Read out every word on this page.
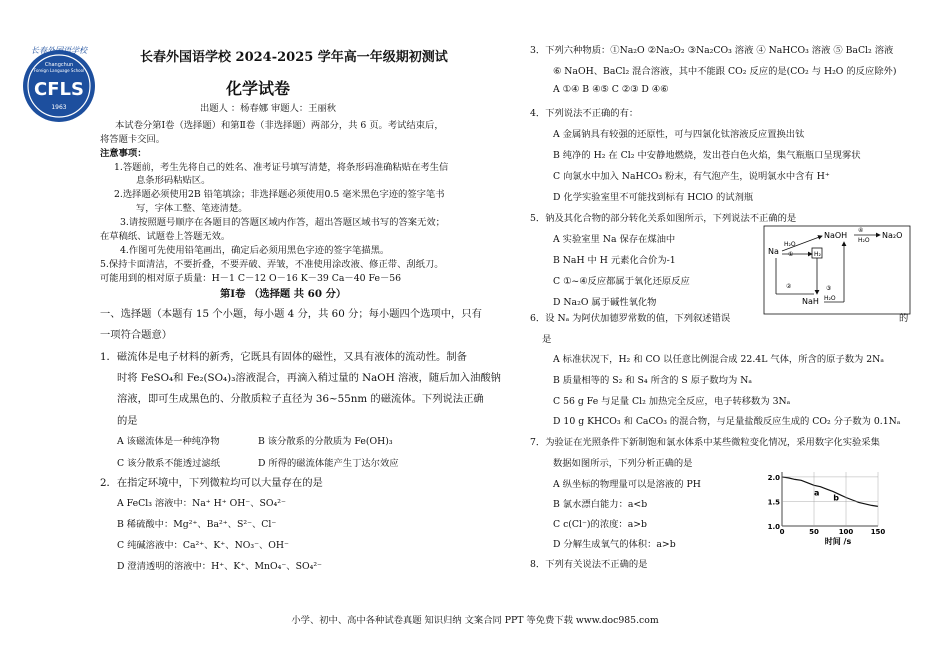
长春外国语学校
Changchun
Foreign Language School
CFLS
1963
长春外国语学校 2024-2025 学年高一年级期初测试
化学试卷
出题人 ：杨春娜 审题人：王丽秋
本试卷分第Ⅰ卷（选择题）和第Ⅱ卷（非选择题）两部分，共 6 页。考试结束后，
将答题卡交回。
注意事项：
1.答题前，考生先将自己的姓名、准考证号填写清楚，将条形码准确粘贴在考生信
息条形码粘贴区。
2.选择题必须使用2B 铅笔填涂；非选择题必须使用0.5 毫米黑色字迹的签字笔书
写，字体工整、笔迹清楚。
3.请按照题号顺序在各题目的答题区域内作答，超出答题区域书写的答案无效；
在草稿纸、试题卷上答题无效。
4.作图可先使用铅笔画出，确定后必须用黑色字迹的签字笔描黑。
5.保持卡面清洁，不要折叠，不要弄破、弄皱，不准使用涂改液、修正带、刮纸刀。
可能用到的相对原子质量：H－1 C－12 O－16 K－39 Ca－40 Fe－56
第Ⅰ卷 （选择题 共 60 分）
一、选择题（本题有 15 个小题，每小题 4 分，共 60 分；每小题四个选项中，只有
一项符合题意）
1．磁流体是电子材料的新秀，它既具有固体的磁性，又具有液体的流动性。制备
时将 FeSO₄和 Fe₂(SO₄)₃溶液混合，再滴入稍过量的 NaOH 溶液，随后加入油酸钠
溶液，即可生成黑色的、分散质粒子直径为 36~55nm 的磁流体。下列说法正确
的是
A 该磁流体是一种纯净物	B 该分散系的分散质为 Fe(OH)₃
C 该分散系不能透过滤纸	D 所得的磁流体能产生丁达尔效应
2．在指定环境中，下列微粒均可以大量存在的是
A FeCl₃ 溶液中：Na⁺ H⁺ OH⁻、SO₄²⁻
B 稀硫酸中：Mg²⁺、Ba²⁺、S²⁻、Cl⁻
C 纯碱溶液中：Ca²⁺、K⁺、NO₃⁻、OH⁻
D 澄清透明的溶液中：H⁺、K⁺、MnO₄⁻、SO₄²⁻
3．下列六种物质：①Na₂O ②Na₂O₂ ③Na₂CO₃ 溶液 ④ NaHCO₃ 溶液 ⑤ BaCl₂ 溶液
⑥ NaOH、BaCl₂ 混合溶液，其中不能跟 CO₂ 反应的是(CO₂ 与 H₂O 的反应除外)
A ①④ B ④⑤ C ②③ D ④⑥
4．下列说法不正确的有：
A 金属钠具有较强的还原性，可与四氯化钛溶液反应置换出钛
B 纯净的 H₂ 在 Cl₂ 中安静地燃烧，发出苍白色火焰，集气瓶瓶口呈现雾状
C 向氯水中加入 NaHCO₃ 粉末，有气泡产生，说明氯水中含有 H⁺
D 化学实验室里不可能找到标有 HClO 的试剂瓶
5．钠及其化合物的部分转化关系如图所示，下列说法不正确的是
A 实验室里 Na 保存在煤油中
B NaH 中 H 元素化合价为-1
C ①~④反应都属于氧化还原反应
D Na₂O 属于碱性氧化物
Na
H₂O
①
NaOH
④
H₂O
Na₂O
H₂
②
NaH
③
H₂O
6．设 Nₐ 为阿伏加德罗常数的值，下列叙述错误	的
是
A 标准状况下，H₂ 和 CO 以任意比例混合成 22.4L 气体，所含的原子数为 2Nₐ
B 质量相等的 S₂ 和 S₄ 所含的 S 原子数均为 Nₐ
C 56 g Fe 与足量 Cl₂ 加热完全反应，电子转移数为 3Nₐ
D 10 g KHCO₃ 和 CaCO₃ 的混合物，与足量盐酸反应生成的 CO₂ 分子数为 0.1Nₐ
7．为验证在光照条件下新制饱和氯水体系中某些微粒变化情况，采用数字化实验采集
数据如图所示，下列分析正确的是
A 纵坐标的物理量可以是溶液的 PH
B 氯水漂白能力：a<b
C c(Cl⁻)的浓度：a>b
D 分解生成氧气的体积：a>b
a
b
0	50	100 150
1.0
1.5
2.0
时间 /s
8．下列有关说法不正确的是
小学、初中、高中各种试卷真题 知识归纳 文案合同 PPT 等免费下载 www.doc985.com
